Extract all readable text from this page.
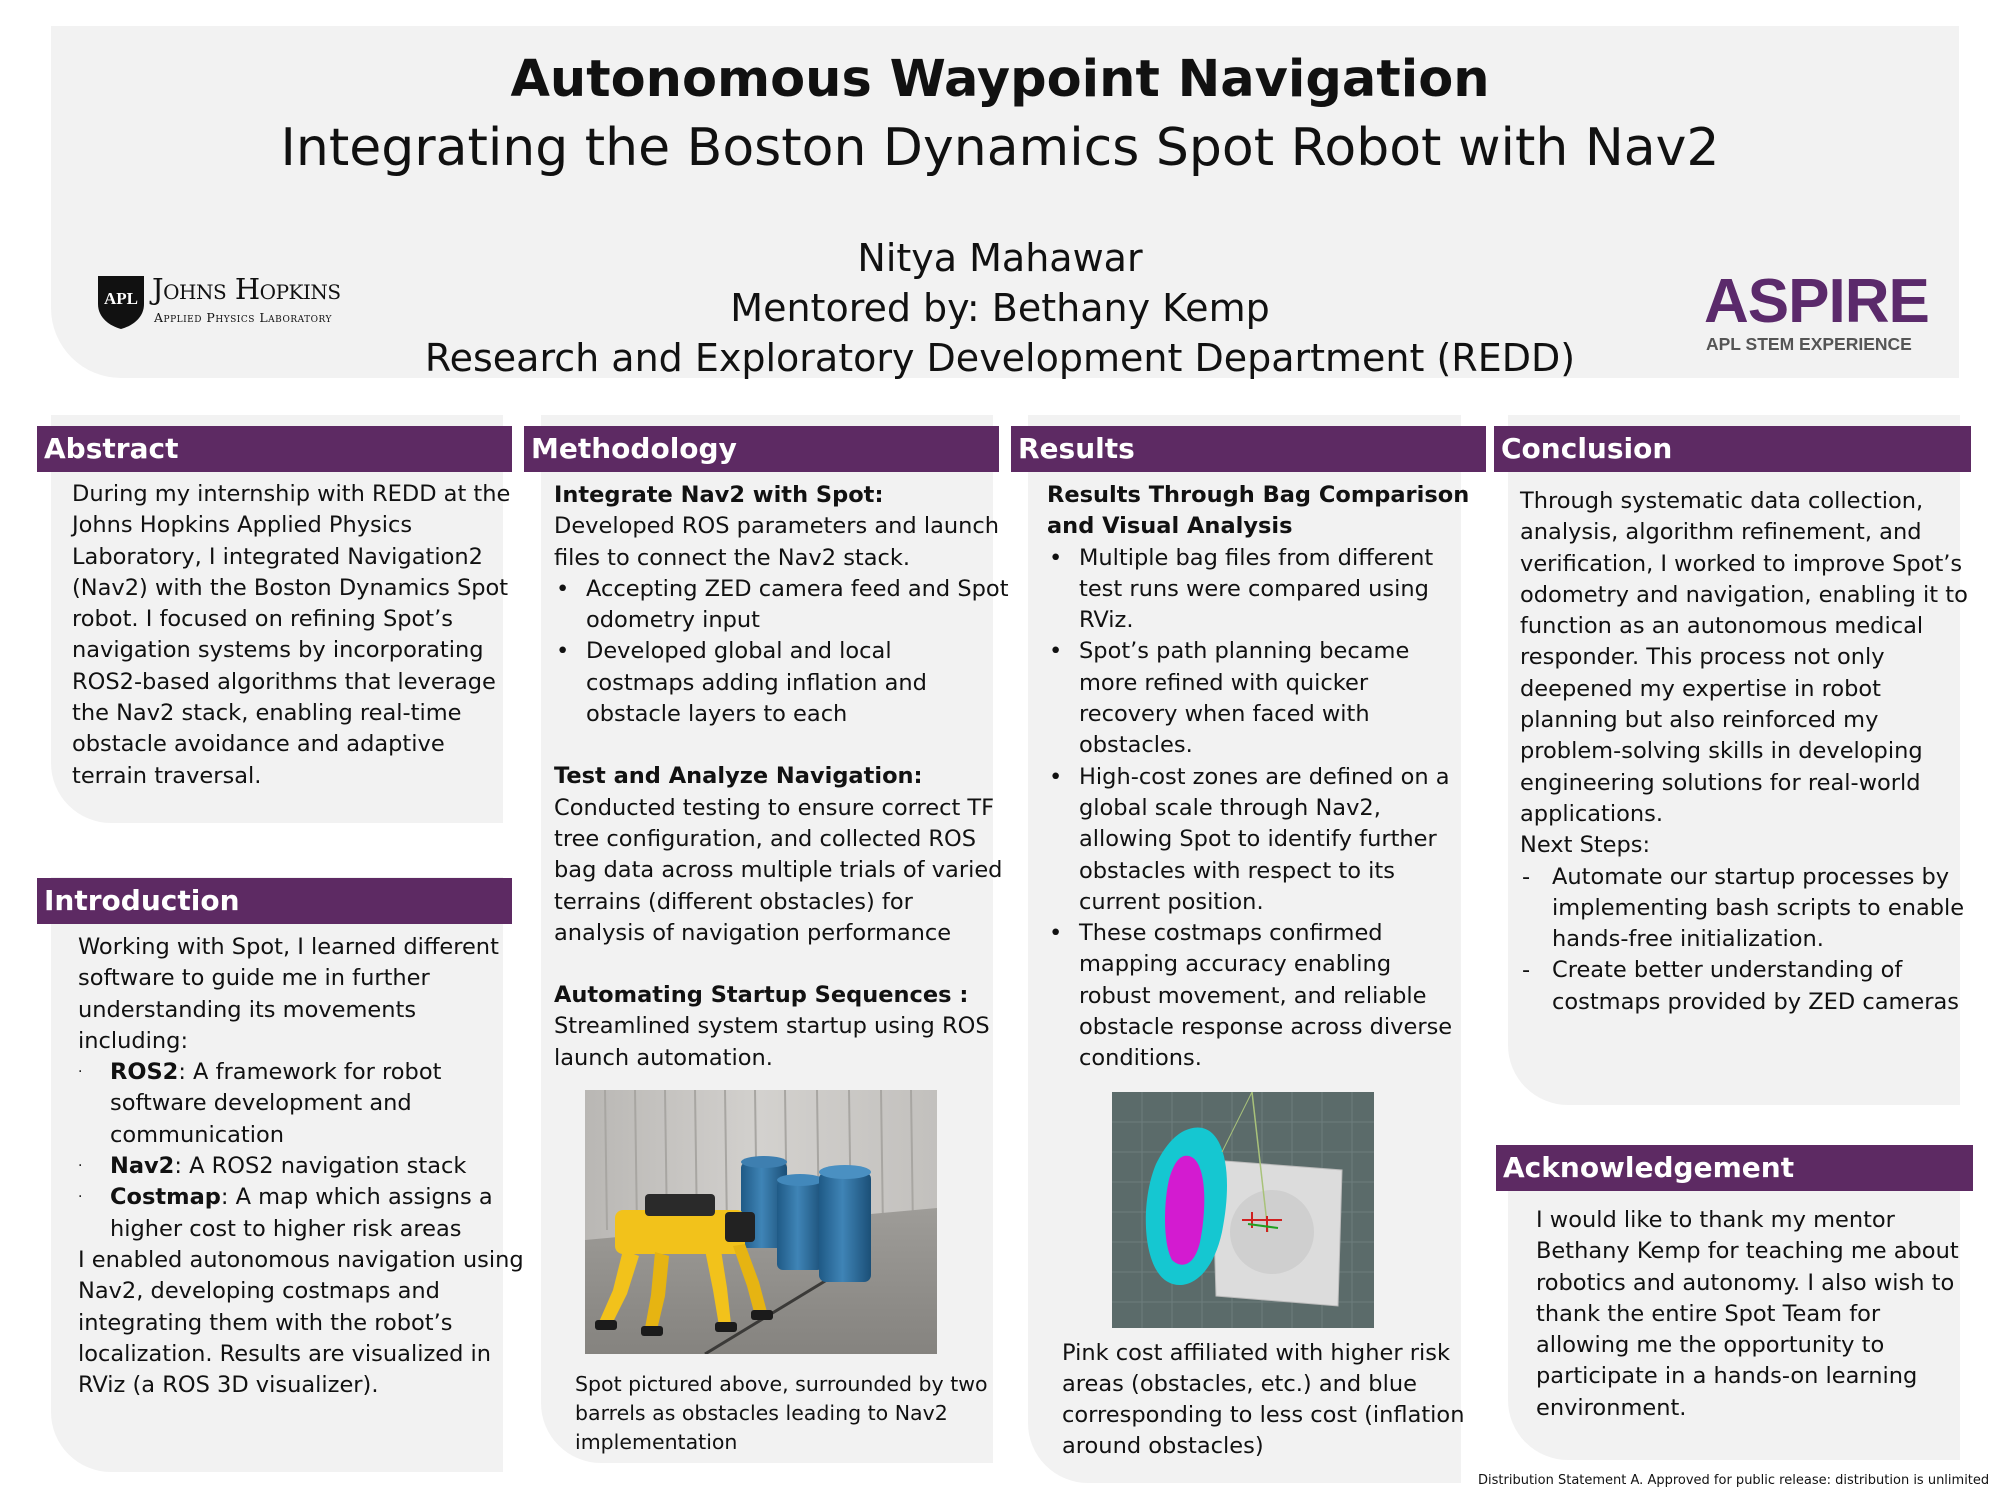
Autonomous Waypoint Navigation
Integrating the Boston Dynamics Spot Robot with Nav2
Nitya Mahawar
Mentored by: Bethany Kemp
Research and Exploratory Development Department (REDD)
APL Johns Hopkins
Applied Physics Laboratory	ASPIRE
APL STEM EXPERIENCE
Abstract
Introduction
Methodology	Results	Conclusion
Acknowledgement
During my internship with REDD at the
Johns Hopkins Applied Physics
Laboratory, I integrated Navigation2
(Nav2) with the Boston Dynamics Spot
robot. I focused on refining Spot’s
navigation systems by incorporating
ROS2-based algorithms that leverage
the Nav2 stack, enabling real-time
obstacle avoidance and adaptive
terrain traversal.
Working with Spot, I learned different
software to guide me in further
understanding its movements
including:
· ROS2: A framework for robot
software development and
communication
· Nav2: A ROS2 navigation stack
· Costmap: A map which assigns a
higher cost to higher risk areas
I enabled autonomous navigation using
Nav2, developing costmaps and
integrating them with the robot’s
localization. Results are visualized in
RViz (a ROS 3D visualizer).
Integrate Nav2 with Spot:
Developed ROS parameters and launch
files to connect the Nav2 stack.
• Accepting ZED camera feed and Spot
odometry input
• Developed global and local
costmaps adding inflation and
obstacle layers to each
Test and Analyze Navigation:
Conducted testing to ensure correct TF
tree configuration, and collected ROS
bag data across multiple trials of varied
terrains (different obstacles) for
analysis of navigation performance
Automating Startup Sequences :
Streamlined system startup using ROS
launch automation.
Spot pictured above, surrounded by two
barrels as obstacles leading to Nav2
implementation
Results Through Bag Comparison
and Visual Analysis
• Multiple bag files from different
test runs were compared using
RViz.
• Spot’s path planning became
more refined with quicker
recovery when faced with
obstacles.
• High-cost zones are defined on a
global scale through Nav2,
allowing Spot to identify further
obstacles with respect to its
current position.
• These costmaps confirmed
mapping accuracy enabling
robust movement, and reliable
obstacle response across diverse
conditions.
Pink cost affiliated with higher risk
areas (obstacles, etc.) and blue
corresponding to less cost (inflation
around obstacles)
Through systematic data collection,
analysis, algorithm refinement, and
verification, I worked to improve Spot’s
odometry and navigation, enabling it to
function as an autonomous medical
responder. This process not only
deepened my expertise in robot
planning but also reinforced my
problem-solving skills in developing
engineering solutions for real-world
applications.
Next Steps:
- Automate our startup processes by
implementing bash scripts to enable
hands-free initialization.
- Create better understanding of
costmaps provided by ZED cameras
I would like to thank my mentor
Bethany Kemp for teaching me about
robotics and autonomy. I also wish to
thank the entire Spot Team for
allowing me the opportunity to
participate in a hands-on learning
environment.
Distribution Statement A. Approved for public release: distribution is unlimited
